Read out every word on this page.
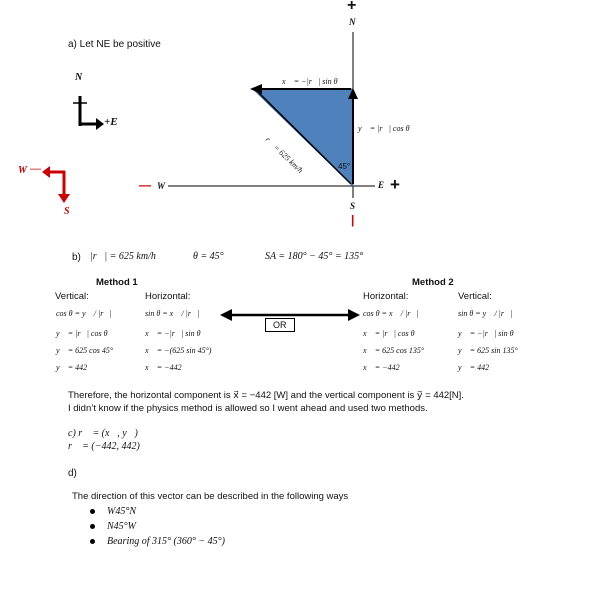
a) Let NE be positive
N
+E
W —
S
+
N
S
|
E +
— W
x⃗ = −|r⃗| sin θ
y⃗ = |r⃗| cos θ
r⃗ = 625 km/h	45°
b) |r⃗| = 625 km/h	θ = 45°	SA = 180° − 45° = 135°
Method 1
Vertical:
cos θ = y⃗ / |r⃗|
y⃗ = |r⃗| cos θ
y⃗ = 625 cos 45°
y⃗ = 442
Horizontal:
sin θ = x⃗ / |r⃗|
x⃗ = −|r⃗| sin θ
x⃗ = −(625 sin 45°)
x⃗ = −442
OR
Method 2
Horizontal:
cos θ = x⃗ / |r⃗|
x⃗ = |r⃗| cos θ
x⃗ = 625 cos 135°
x⃗ = −442
Vertical:
sin θ = y⃗ / |r⃗|
y⃗ = −|r⃗| sin θ
y⃗ = 625 sin 135°
y⃗ = 442
Therefore, the horizontal component is x⃗ = −442 [W] and the vertical component is y⃗ = 442[N].
I didn’t know if the physics method is allowed so I went ahead and used two methods.
c) r⃗ = (x⃗, y⃗)
r⃗ = (−442, 442)
d)
The direction of this vector can be described in the following ways
W45°N
N45°W
Bearing of 315° (360° − 45°)
